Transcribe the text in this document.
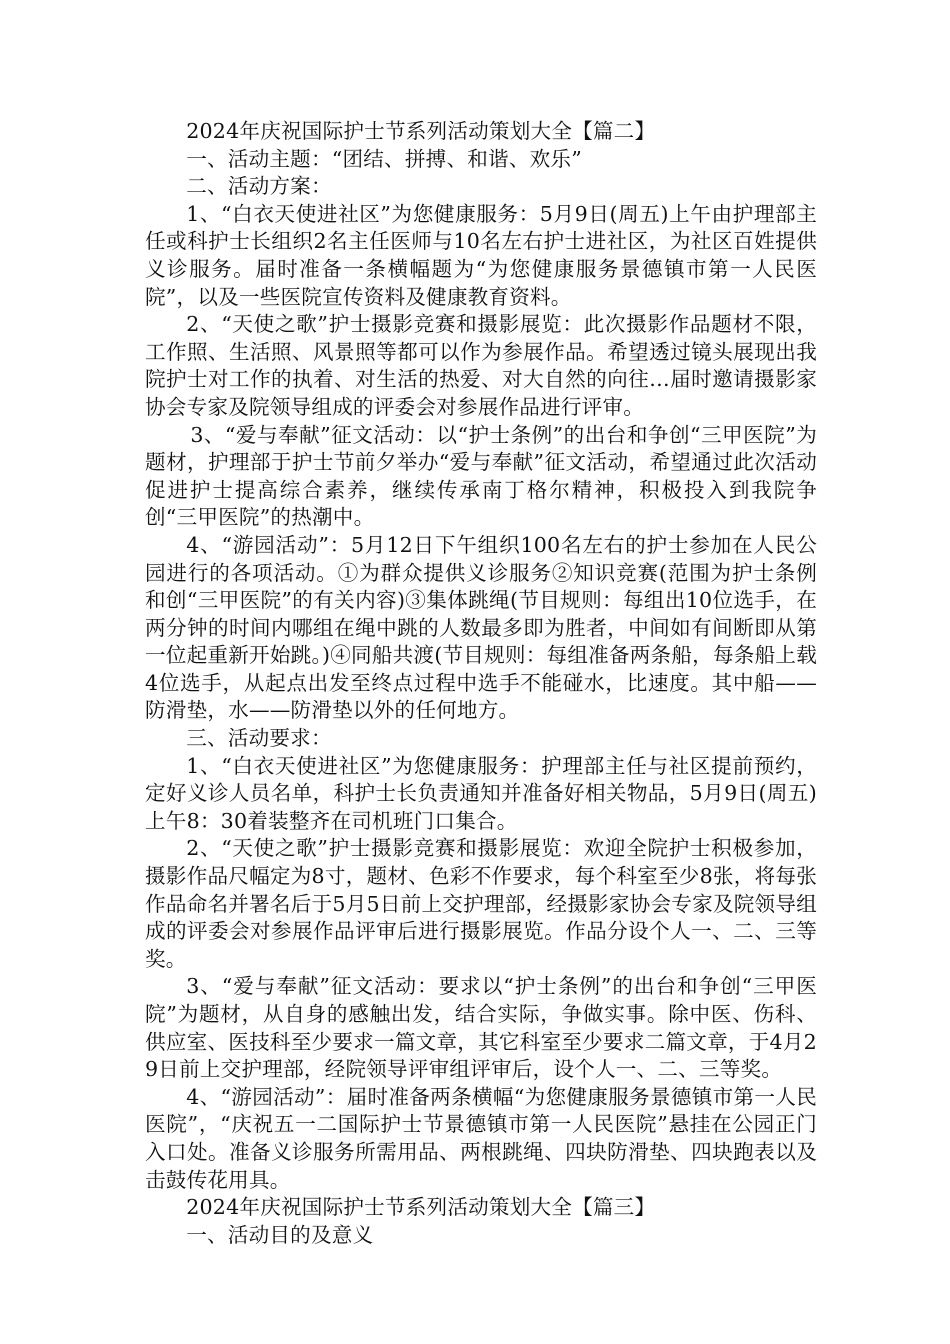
2024年庆祝国际护士节系列活动策划大全【篇二】

一、活动主题：“团结、拼搏、和谐、欢乐”

二、活动方案：

1、“白衣天使进社区”为您健康服务：5月9日(周五)上午由护理部主任或科护士长组织2名主任医师与10名左右护士进社区，为社区百姓提供义诊服务。届时准备一条横幅题为“为您健康服务景德镇市第一人民医院”，以及一些医院宣传资料及健康教育资料。

2、“天使之歌”护士摄影竞赛和摄影展览：此次摄影作品题材不限，工作照、生活照、风景照等都可以作为参展作品。希望透过镜头展现出我院护士对工作的执着、对生活的热爱、对大自然的向往…届时邀请摄影家协会专家及院领导组成的评委会对参展作品进行评审。

3、“爱与奉献”征文活动：以“护士条例”的出台和争创“三甲医院”为题材，护理部于护士节前夕举办“爱与奉献”征文活动，希望通过此次活动促进护士提高综合素养，继续传承南丁格尔精神，积极投入到我院争创“三甲医院”的热潮中。

4、“游园活动”：5月12日下午组织100名左右的护士参加在人民公园进行的各项活动。①为群众提供义诊服务②知识竞赛(范围为护士条例和创“三甲医院”的有关内容)③集体跳绳(节目规则：每组出10位选手，在两分钟的时间内哪组在绳中跳的人数最多即为胜者，中间如有间断即从第一位起重新开始跳。)④同船共渡(节目规则：每组准备两条船，每条船上载4位选手，从起点出发至终点过程中选手不能碰水，比速度。其中船——防滑垫，水——防滑垫以外的任何地方。

三、活动要求：

1、“白衣天使进社区”为您健康服务：护理部主任与社区提前预约，定好义诊人员名单，科护士长负责通知并准备好相关物品，5月9日(周五)上午8：30着装整齐在司机班门口集合。

2、“天使之歌”护士摄影竞赛和摄影展览：欢迎全院护士积极参加，摄影作品尺幅定为8寸，题材、色彩不作要求，每个科室至少8张，将每张作品命名并署名后于5月5日前上交护理部，经摄影家协会专家及院领导组成的评委会对参展作品评审后进行摄影展览。作品分设个人一、二、三等奖。

3、“爱与奉献”征文活动：要求以“护士条例”的出台和争创“三甲医院”为题材，从自身的感触出发，结合实际，争做实事。除中医、伤科、供应室、医技科至少要求一篇文章，其它科室至少要求二篇文章，于4月29日前上交护理部，经院领导评审组评审后，设个人一、二、三等奖。

4、“游园活动”：届时准备两条横幅“为您健康服务景德镇市第一人民医院”，“庆祝五一二国际护士节景德镇市第一人民医院”悬挂在公园正门入口处。准备义诊服务所需用品、两根跳绳、四块防滑垫、四块跑表以及击鼓传花用具。

2024年庆祝国际护士节系列活动策划大全【篇三】

一、活动目的及意义
